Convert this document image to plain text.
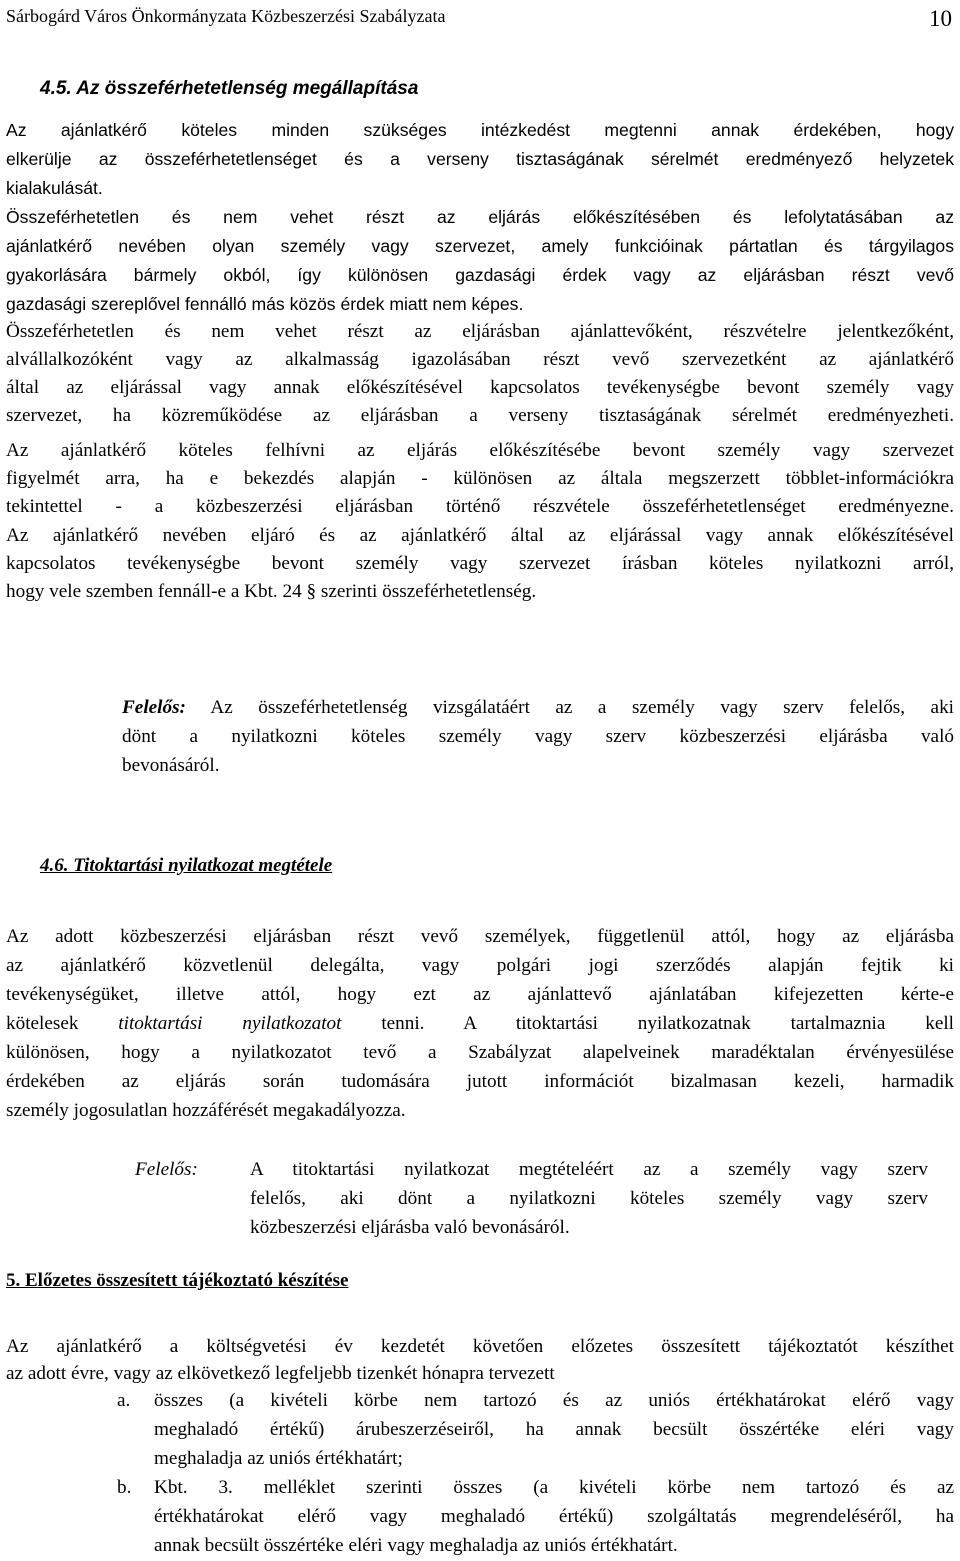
Sárbogárd Város Önkormányzata Közbeszerzési Szabályzata	10
4.5. Az összeférhetetlenség megállapítása
Az ajánlatkérő köteles minden szükséges intézkedést megtenni annak érdekében, hogy
elkerülje az összeférhetetlenséget és a verseny tisztaságának sérelmét eredményező helyzetek
kialakulását.
Összeférhetetlen és nem vehet részt az eljárás előkészítésében és lefolytatásában az
ajánlatkérő nevében olyan személy vagy szervezet, amely funkcióinak pártatlan és tárgyilagos
gyakorlására bármely okból, így különösen gazdasági érdek vagy az eljárásban részt vevő
gazdasági szereplővel fennálló más közös érdek miatt nem képes.
Összeférhetetlen és nem vehet részt az eljárásban ajánlattevőként, részvételre jelentkezőként,
alvállalkozóként vagy az alkalmasság igazolásában részt vevő szervezetként az ajánlatkérő
által az eljárással vagy annak előkészítésével kapcsolatos tevékenységbe bevont személy vagy
szervezet, ha közreműködése az eljárásban a verseny tisztaságának sérelmét eredményezheti.
Az ajánlatkérő köteles felhívni az eljárás előkészítésébe bevont személy vagy szervezet
figyelmét arra, ha e bekezdés alapján - különösen az általa megszerzett többlet-információkra
tekintettel - a közbeszerzési eljárásban történő részvétele összeférhetetlenséget eredményezne.
Az ajánlatkérő nevében eljáró és az ajánlatkérő által az eljárással vagy annak előkészítésével
kapcsolatos tevékenységbe bevont személy vagy szervezet írásban köteles nyilatkozni arról,
hogy vele szemben fennáll-e a Kbt. 24 § szerinti összeférhetetlenség.
Felelős: Az összeférhetetlenség vizsgálatáért az a személy vagy szerv felelős, aki
dönt a nyilatkozni köteles személy vagy szerv közbeszerzési eljárásba való
bevonásáról.
4.6. Titoktartási nyilatkozat megtétele
Az adott közbeszerzési eljárásban részt vevő személyek, függetlenül attól, hogy az eljárásba
az ajánlatkérő közvetlenül delegálta, vagy polgári jogi szerződés alapján fejtik ki
tevékenységüket, illetve attól, hogy ezt az ajánlattevő ajánlatában kifejezetten kérte-e
kötelesek titoktartási nyilatkozatot tenni. A titoktartási nyilatkozatnak tartalmaznia kell
különösen, hogy a nyilatkozatot tevő a Szabályzat alapelveinek maradéktalan érvényesülése
érdekében az eljárás során tudomására jutott információt bizalmasan kezeli, harmadik
személy jogosulatlan hozzáférését megakadályozza.
Felelős:	A titoktartási nyilatkozat megtételéért az a személy vagy szerv
felelős, aki dönt a nyilatkozni köteles személy vagy szerv
közbeszerzési eljárásba való bevonásáról.
5. Előzetes összesített tájékoztató készítése
Az ajánlatkérő a költségvetési év kezdetét követően előzetes összesített tájékoztatót készíthet
az adott évre, vagy az elkövetkező legfeljebb tizenkét hónapra tervezett
a. összes (a kivételi körbe nem tartozó és az uniós értékhatárokat elérő vagy
meghaladó értékű) árubeszerzéseiről, ha annak becsült összértéke eléri vagy
meghaladja az uniós értékhatárt;
b. Kbt. 3. melléklet szerinti összes (a kivételi körbe nem tartozó és az
értékhatárokat elérő vagy meghaladó értékű) szolgáltatás megrendeléséről, ha
annak becsült összértéke eléri vagy meghaladja az uniós értékhatárt.
